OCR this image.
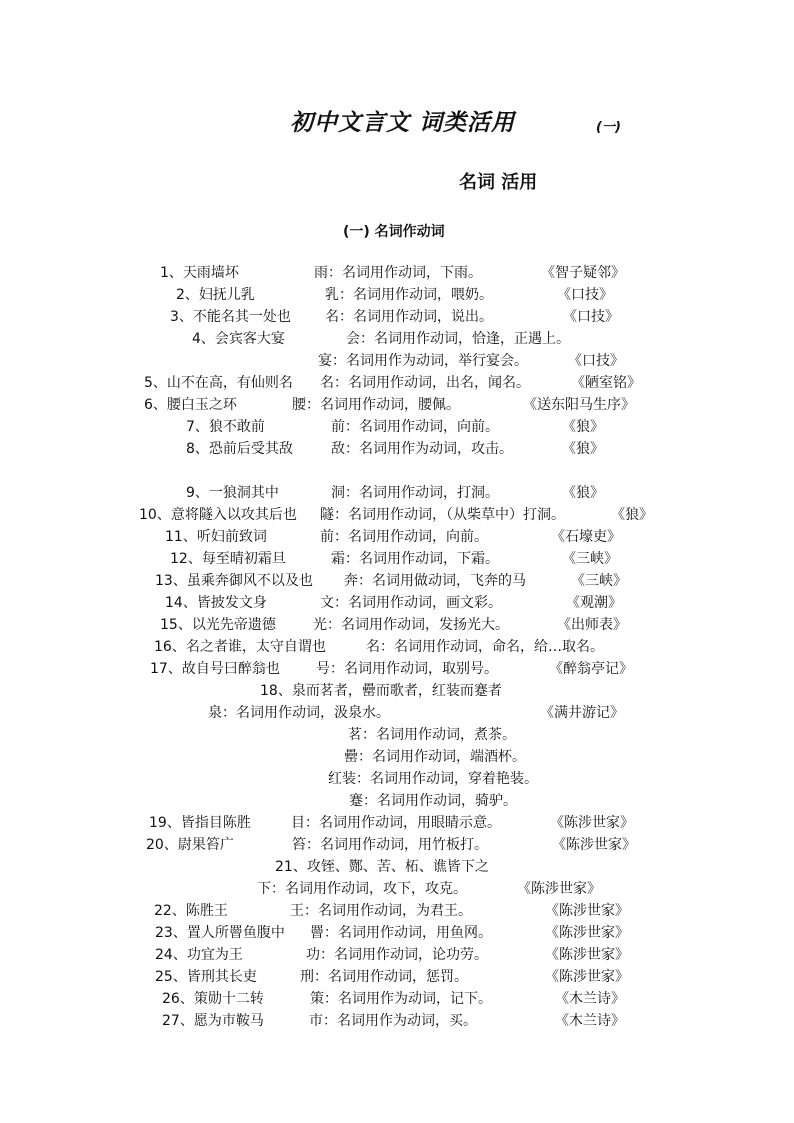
初中文言文 词类活用	(一)
名词 活用
(一) 名词作动词
1、天雨墙坏	雨：名词用作动词，下雨。	《智子疑邻》
2、妇抚儿乳	乳：名词用作动词，喂奶。	《口技》
3、不能名其一处也 名：名词用作动词，说出。	《口技》
4、会宾客大宴	会：名词用作动词，恰逢，正遇上。
宴：名词用作为动词，举行宴会。	《口技》
5、山不在高，有仙则名 名：名词用作动词，出名，闻名。	《陋室铭》
6、腰白玉之环	腰：名词用作动词，腰佩。	《送东阳马生序》
7、狼不敢前	前：名词用作动词，向前。	《狼》
8、恐前后受其敌	敌：名词用作为动词，攻击。	《狼》
9、一狼洞其中	洞：名词用作动词，打洞。	《狼》
10、意将隧入以攻其后也 隧：名词用作动词，（从柴草中）打洞。	《狼》
11、听妇前致词	前：名词用作动词，向前。	《石壕吏》
12、每至晴初霜旦	霜：名词用作动词，下霜。	《三峡》
13、虽乘奔御风不以及也 奔：名词用做动词，飞奔的马	《三峡》
14、皆披发文身	文：名词用作动词，画文彩。	《观潮》
15、以光先帝遗德	光：名词用作动词，发扬光大。	《出师表》
16、名之者谁，太守自谓也	名：名词用作动词，命名，给…取名。
17、故自号曰醉翁也	号：名词用作动词，取别号。	《醉翁亭记》
18、泉而茗者，罍而歌者，红装而蹇者
泉：名词用作动词，汲泉水。	《满井游记》
茗：名词用作动词，煮茶。
罍：名词用作动词，端酒杯。
红装：名词用作动词，穿着艳装。
蹇：名词用作动词，骑驴。
19、皆指目陈胜	目：名词用作动词，用眼睛示意。	《陈涉世家》
20、尉果笞广	笞：名词用作动词，用竹板打。	《陈涉世家》
21、攻铚、酂、苦、柘、谯皆下之
下：名词用作动词，攻下，攻克。	《陈涉世家》
22、陈胜王	王：名词用作动词，为君王。	《陈涉世家》
23、置人所罾鱼腹中 罾：名词用作动词，用鱼网。	《陈涉世家》
24、功宜为王	功：名词用作动词，论功劳。	《陈涉世家》
25、皆刑其长吏	刑：名词用作动词，惩罚。	《陈涉世家》
26、策勋十二转	策：名词用作为动词，记下。	《木兰诗》
27、愿为市鞍马	市：名词用作为动词，买。	《木兰诗》
